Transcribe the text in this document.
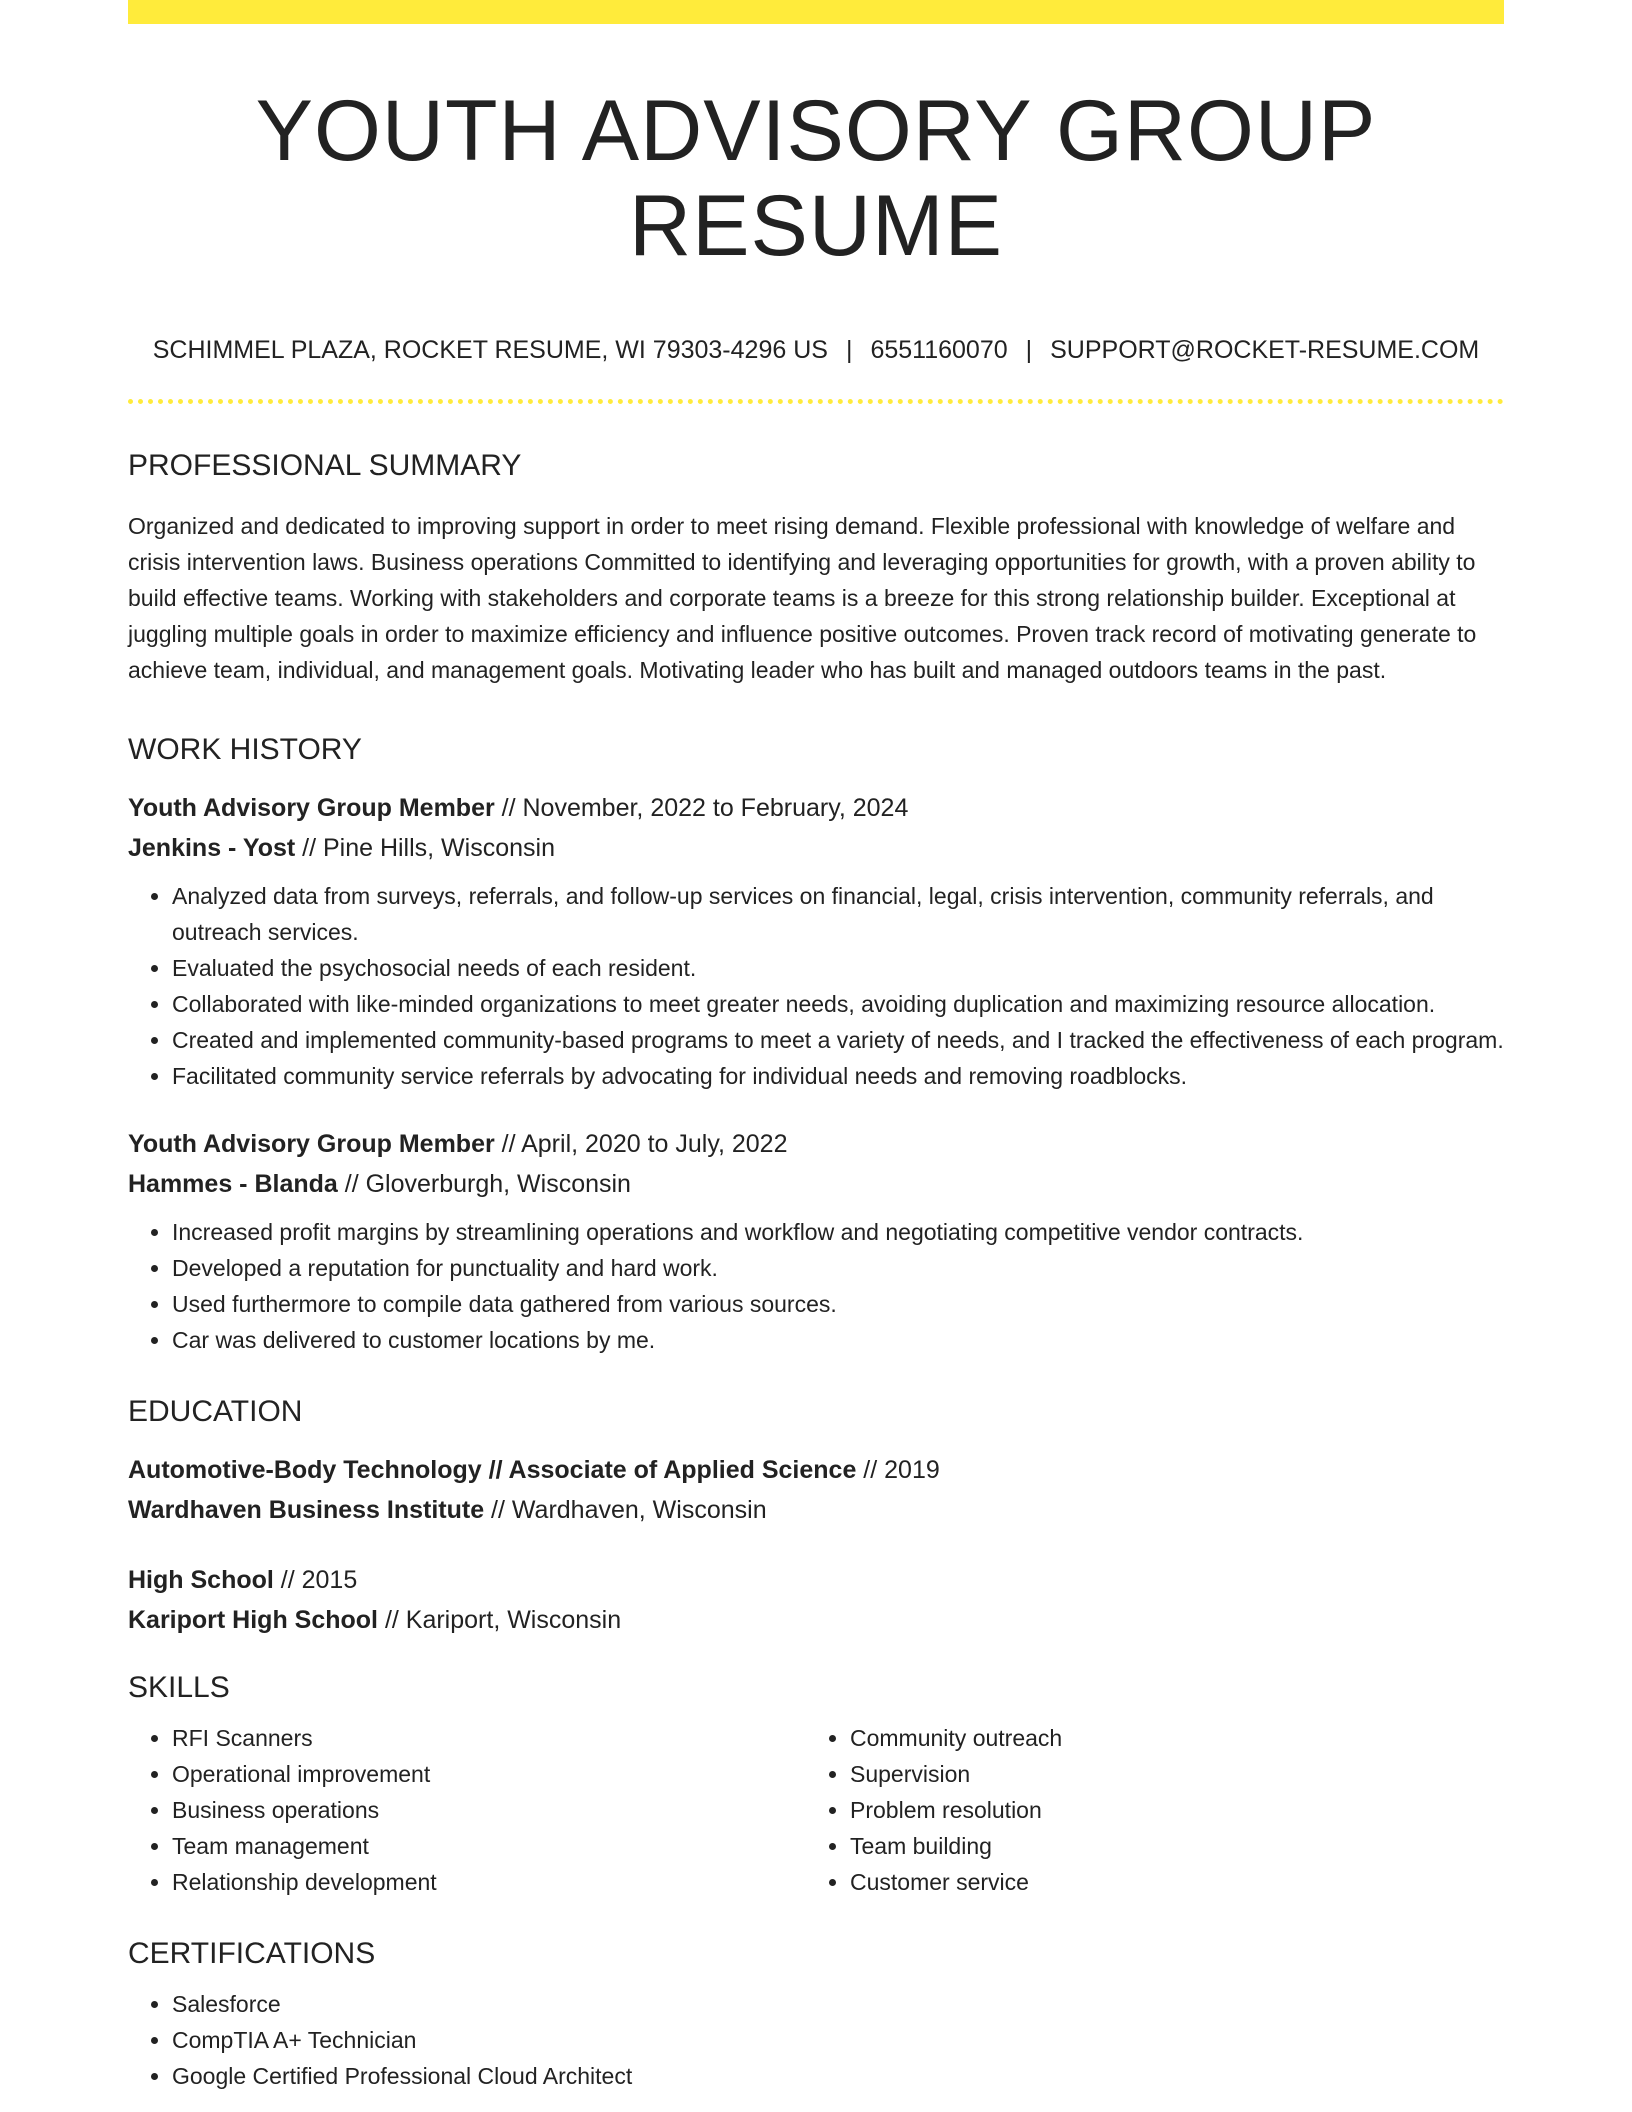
YOUTH ADVISORY GROUP RESUME
SCHIMMEL PLAZA, ROCKET RESUME, WI 79303-4296 US | 6551160070 | SUPPORT@ROCKET-RESUME.COM
PROFESSIONAL SUMMARY

Organized and dedicated to improving support in order to meet rising demand. Flexible professional with knowledge of welfare and crisis intervention laws. Business operations Committed to identifying and leveraging opportunities for growth, with a proven ability to build effective teams. Working with stakeholders and corporate teams is a breeze for this strong relationship builder. Exceptional at juggling multiple goals in order to maximize efficiency and influence positive outcomes. Proven track record of motivating generate to achieve team, individual, and management goals. Motivating leader who has built and managed outdoors teams in the past.

WORK HISTORY
Youth Advisory Group Member // November, 2022 to February, 2024
Jenkins - Yost // Pine Hills, Wisconsin
• Analyzed data from surveys, referrals, and follow-up services on financial, legal, crisis intervention, community referrals, and outreach services.
• Evaluated the psychosocial needs of each resident.
• Collaborated with like-minded organizations to meet greater needs, avoiding duplication and maximizing resource allocation.
• Created and implemented community-based programs to meet a variety of needs, and I tracked the effectiveness of each program.
• Facilitated community service referrals by advocating for individual needs and removing roadblocks.
Youth Advisory Group Member // April, 2020 to July, 2022
Hammes - Blanda // Gloverburgh, Wisconsin
• Increased profit margins by streamlining operations and workflow and negotiating competitive vendor contracts.
• Developed a reputation for punctuality and hard work.
• Used furthermore to compile data gathered from various sources.
• Car was delivered to customer locations by me.
EDUCATION
Automotive-Body Technology // Associate of Applied Science // 2019
Wardhaven Business Institute // Wardhaven, Wisconsin
High School // 2015
Kariport High School // Kariport, Wisconsin
SKILLS
• RFI Scanners
• Operational improvement
• Business operations
• Team management
• Relationship development
• Community outreach
• Supervision
• Problem resolution
• Team building
• Customer service
CERTIFICATIONS
• Salesforce
• CompTIA A+ Technician
• Google Certified Professional Cloud Architect
